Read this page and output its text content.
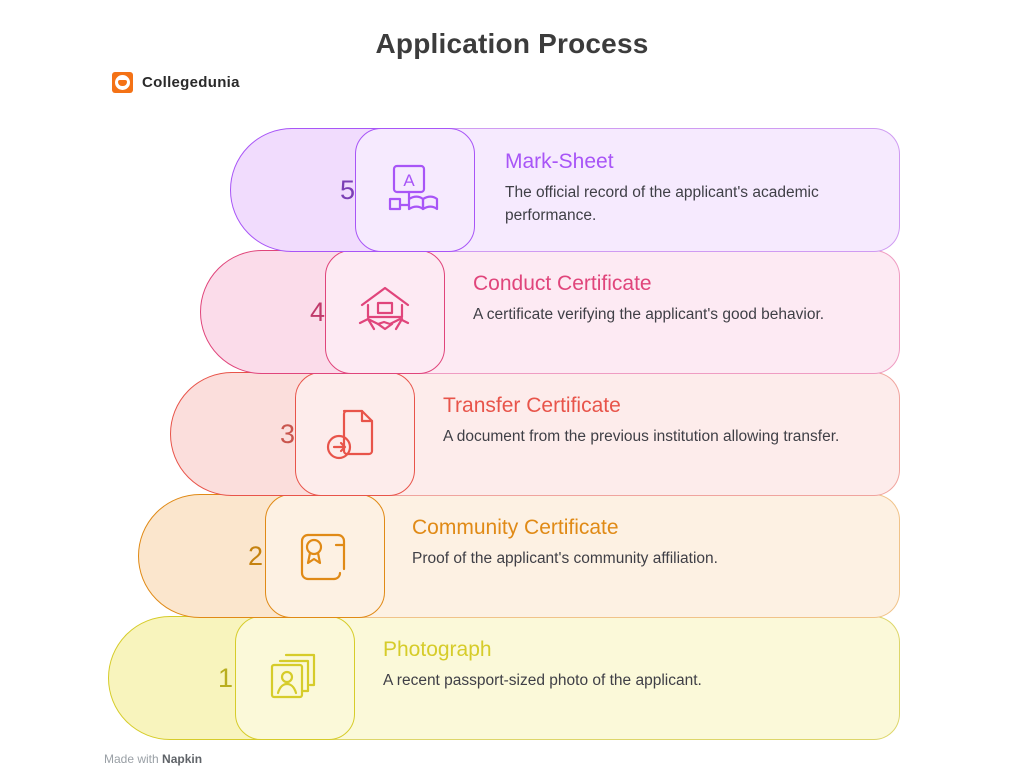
Application Process
Collegedunia
5	A
Mark-Sheet
The official record of the applicant's academic performance.
4
Conduct Certificate
A certificate verifying the applicant's good behavior.
3
Transfer Certificate
A document from the previous institution allowing transfer.
2
Community Certificate
Proof of the applicant's community affiliation.
1
Photograph
A recent passport-sized photo of the applicant.
Made with Napkin
